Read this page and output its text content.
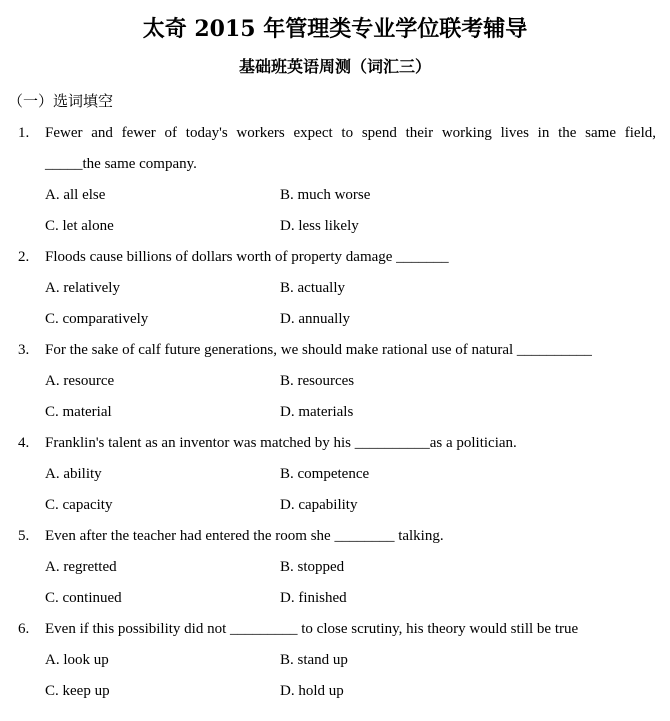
太奇 2015 年管理类专业学位联考辅导
基础班英语周测（词汇三）
（一）选词填空
1. Fewer and fewer of today's workers expect to spend their working lives in the same field,
_____the same company.
A. all else	B. much worse
C. let alone	D. less likely
2. Floods cause billions of dollars worth of property damage _______
A. relatively	B. actually
C. comparatively	D. annually
3. For the sake of calf future generations, we should make rational use of natural __________
A. resource	B. resources
C. material	D. materials
4. Franklin's talent as an inventor was matched by his __________as a politician.
A. ability	B. competence
C. capacity	D. capability
5. Even after the teacher had entered the room she ________ talking.
A. regretted	B. stopped
C. continued	D. finished
6. Even if this possibility did not _________ to close scrutiny, his theory would still be true
A. look up	B. stand up
C. keep up	D. hold up
